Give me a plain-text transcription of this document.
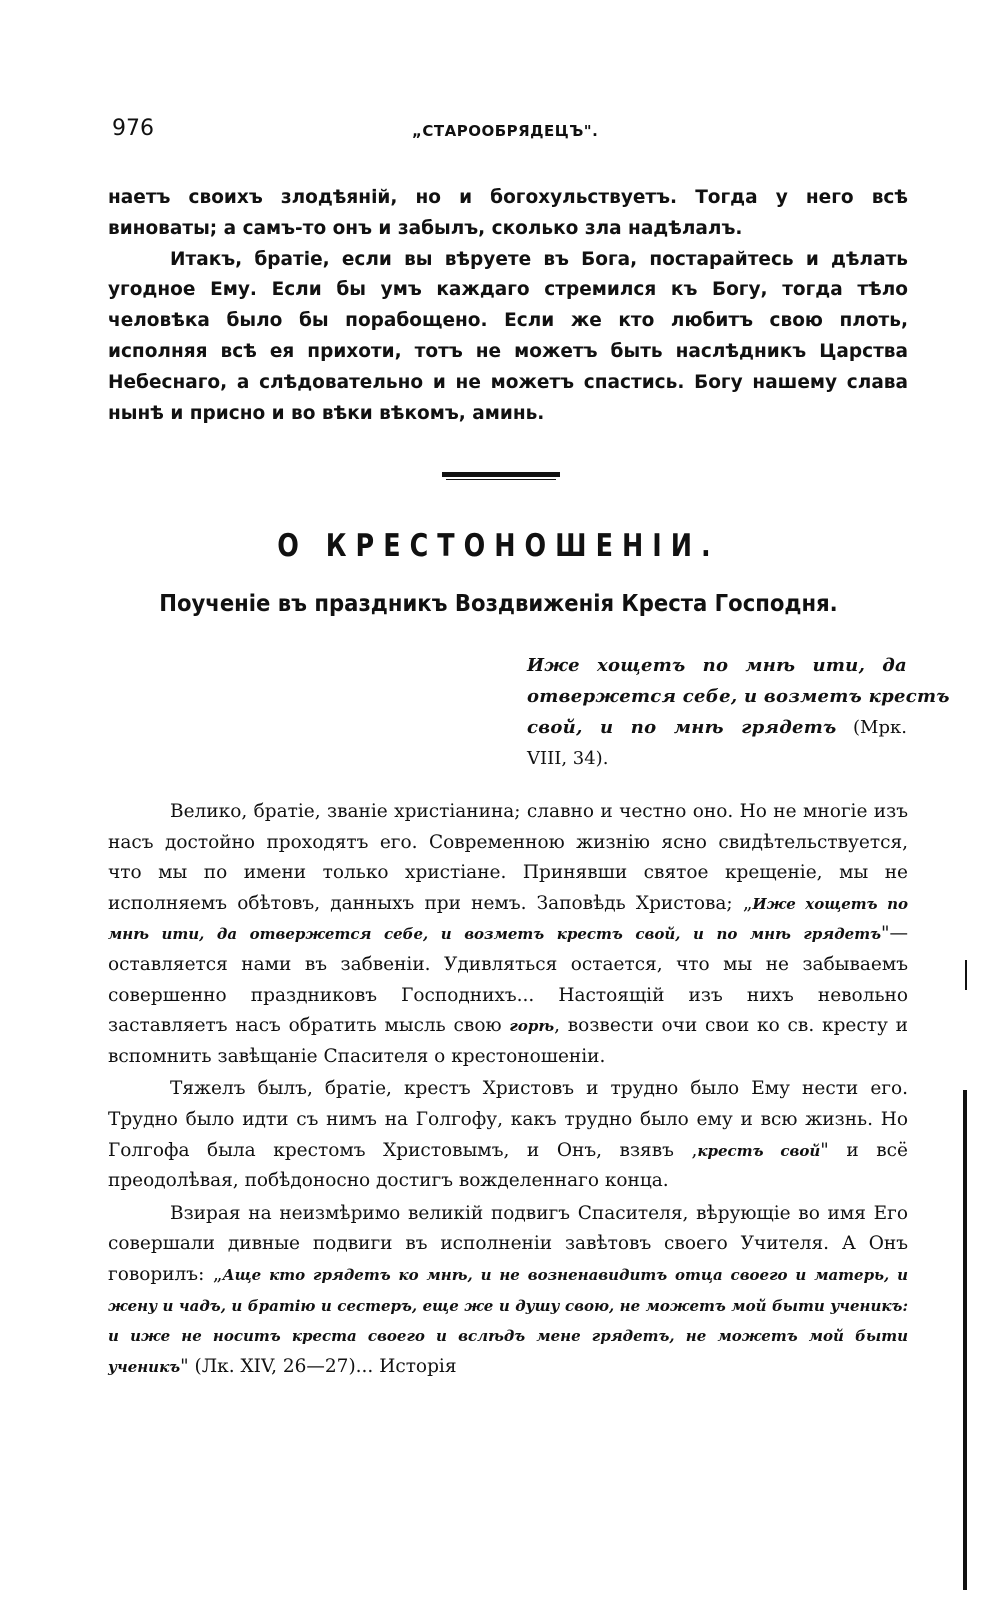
976	„СТАРООБРЯДЕЦЪ".

наетъ своихъ злодѣяній, но и богохульствуетъ. Тогда у него всѣ виноваты; а самъ-то онъ и забылъ, сколько зла надѣлалъ.

Итакъ, братіе, если вы вѣруете въ Бога, постарайтесь и дѣлать угодное Ему. Если бы умъ каждаго стремился къ Богу, тогда тѣло человѣка было бы порабощено. Если же кто любитъ свою плоть, исполняя всѣ ея прихоти, тотъ не можетъ быть наслѣдникъ Царства Небеснаго, а слѣдовательно и не можетъ спастись. Богу нашему слава нынѣ и присно и во вѣки вѣкомъ, аминь.

О КРЕСТОНОШЕНІИ.
Поученіе въ праздникъ Воздвиженія Креста Господня.
Иже хощетъ по мнѣ ити, да
отвержется себе, и возметъ крестъ
свой, и по мнѣ грядетъ (Мрк.
VIII, 34).

Велико, братіе, званіе христіанина; славно и честно оно. Но не многіе изъ насъ достойно проходятъ его. Современною жизнію ясно свидѣтельствуется, что мы по имени только христіане. Принявши святое крещеніе, мы не исполняемъ обѣтовъ, данныхъ при немъ. Заповѣдь Христова; „Иже хощетъ по мнѣ ити, да отвержется себе, и возметъ крестъ свой, и по мнѣ грядетъ"—оставляется нами въ забвеніи. Удивляться остается, что мы не забываемъ совершенно праздниковъ Господнихъ... Настоящій изъ нихъ невольно заставляетъ насъ обратить мысль свою горѣ, возвести очи свои ко св. кресту и вспомнить завѣщаніе Спасителя о крестоношеніи.

Тяжелъ былъ, братіе, крестъ Христовъ и трудно было Ему нести его. Трудно было идти съ нимъ на Голгофу, какъ трудно было ему и всю жизнь. Но Голгофа была крестомъ Христовымъ, и Онъ, взявъ ,крестъ свой" и всё преодолѣвая, побѣдоносно достигъ вожделеннаго конца.

Взирая на неизмѣримо великій подвигъ Спасителя, вѣрующіе во имя Его совершали дивные подвиги въ исполненіи завѣтовъ своего Учителя. А Онъ говорилъ: „Аще кто грядетъ ко мнѣ, и не возненавидитъ отца своего и матерь, и жену и чадъ, и братію и сестеръ, еще же и душу свою, не можетъ мой быти ученикъ: и иже не носитъ креста своего и вслѣдъ мене грядетъ, не можетъ мой быти ученикъ" (Лк. XIV, 26—27)... Исторія
